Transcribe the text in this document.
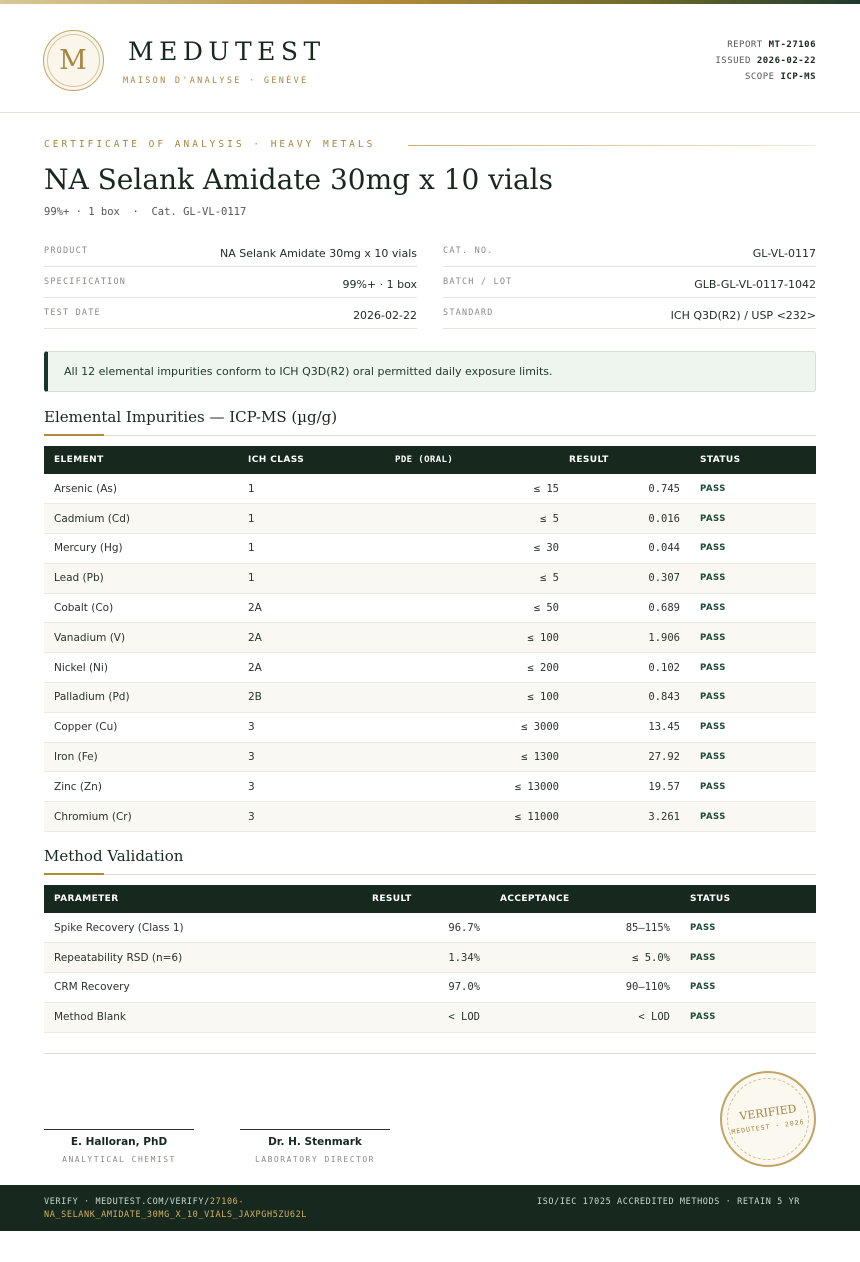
M	MEDUTEST
MAISON D'ANALYSE · GENÈVE
REPORT MT-27106
ISSUED 2026-02-22
SCOPE ICP-MS
CERTIFICATE OF ANALYSIS · HEAVY METALS
NA Selank Amidate 30mg x 10 vials
99%+ · 1 box  ·  Cat. GL-VL-0117
PRODUCT	NA Selank Amidate 30mg x 10 vials
SPECIFICATION	99%+ · 1 box
TEST DATE	2026-02-22
CAT. NO.	GL-VL-0117
BATCH / LOT	GLB-GL-VL-0117-1042
STANDARD	ICH Q3D(R2) / USP <232>
All 12 elemental impurities conform to ICH Q3D(R2) oral permitted daily exposure limits.
Elemental Impurities — ICP-MS (µg/g)
ELEMENT	ICH CLASS	PDE (ORAL)	RESULT	STATUS
Arsenic (As)	1	≤ 15	0.745	PASS
Cadmium (Cd)	1	≤ 5	0.016	PASS
Mercury (Hg)	1	≤ 30	0.044	PASS
Lead (Pb)	1	≤ 5	0.307	PASS
Cobalt (Co)	2A	≤ 50	0.689	PASS
Vanadium (V)	2A	≤ 100	1.906	PASS
Nickel (Ni)	2A	≤ 200	0.102	PASS
Palladium (Pd)	2B	≤ 100	0.843	PASS
Copper (Cu)	3	≤ 3000	13.45	PASS
Iron (Fe)	3	≤ 1300	27.92	PASS
Zinc (Zn)	3	≤ 13000	19.57	PASS
Chromium (Cr)	3	≤ 11000	3.261	PASS
Method Validation
PARAMETER	RESULT	ACCEPTANCE	STATUS
Spike Recovery (Class 1)	96.7%	85–115%	PASS
Repeatability RSD (n=6)	1.34%	≤ 5.0%	PASS
CRM Recovery	97.0%	90–110%	PASS
Method Blank	< LOD	< LOD	PASS
E. Halloran, PhD
ANALYTICAL CHEMIST
Dr. H. Stenmark
LABORATORY DIRECTOR
VERIFIED
MEDUTEST · 2026
VERIFY · MEDUTEST.COM/VERIFY/27106-NA_SELANK_AMIDATE_30MG_X_10_VIALS_JAXPGH5ZU62L
ISO/IEC 17025 ACCREDITED METHODS · RETAIN 5 YR
